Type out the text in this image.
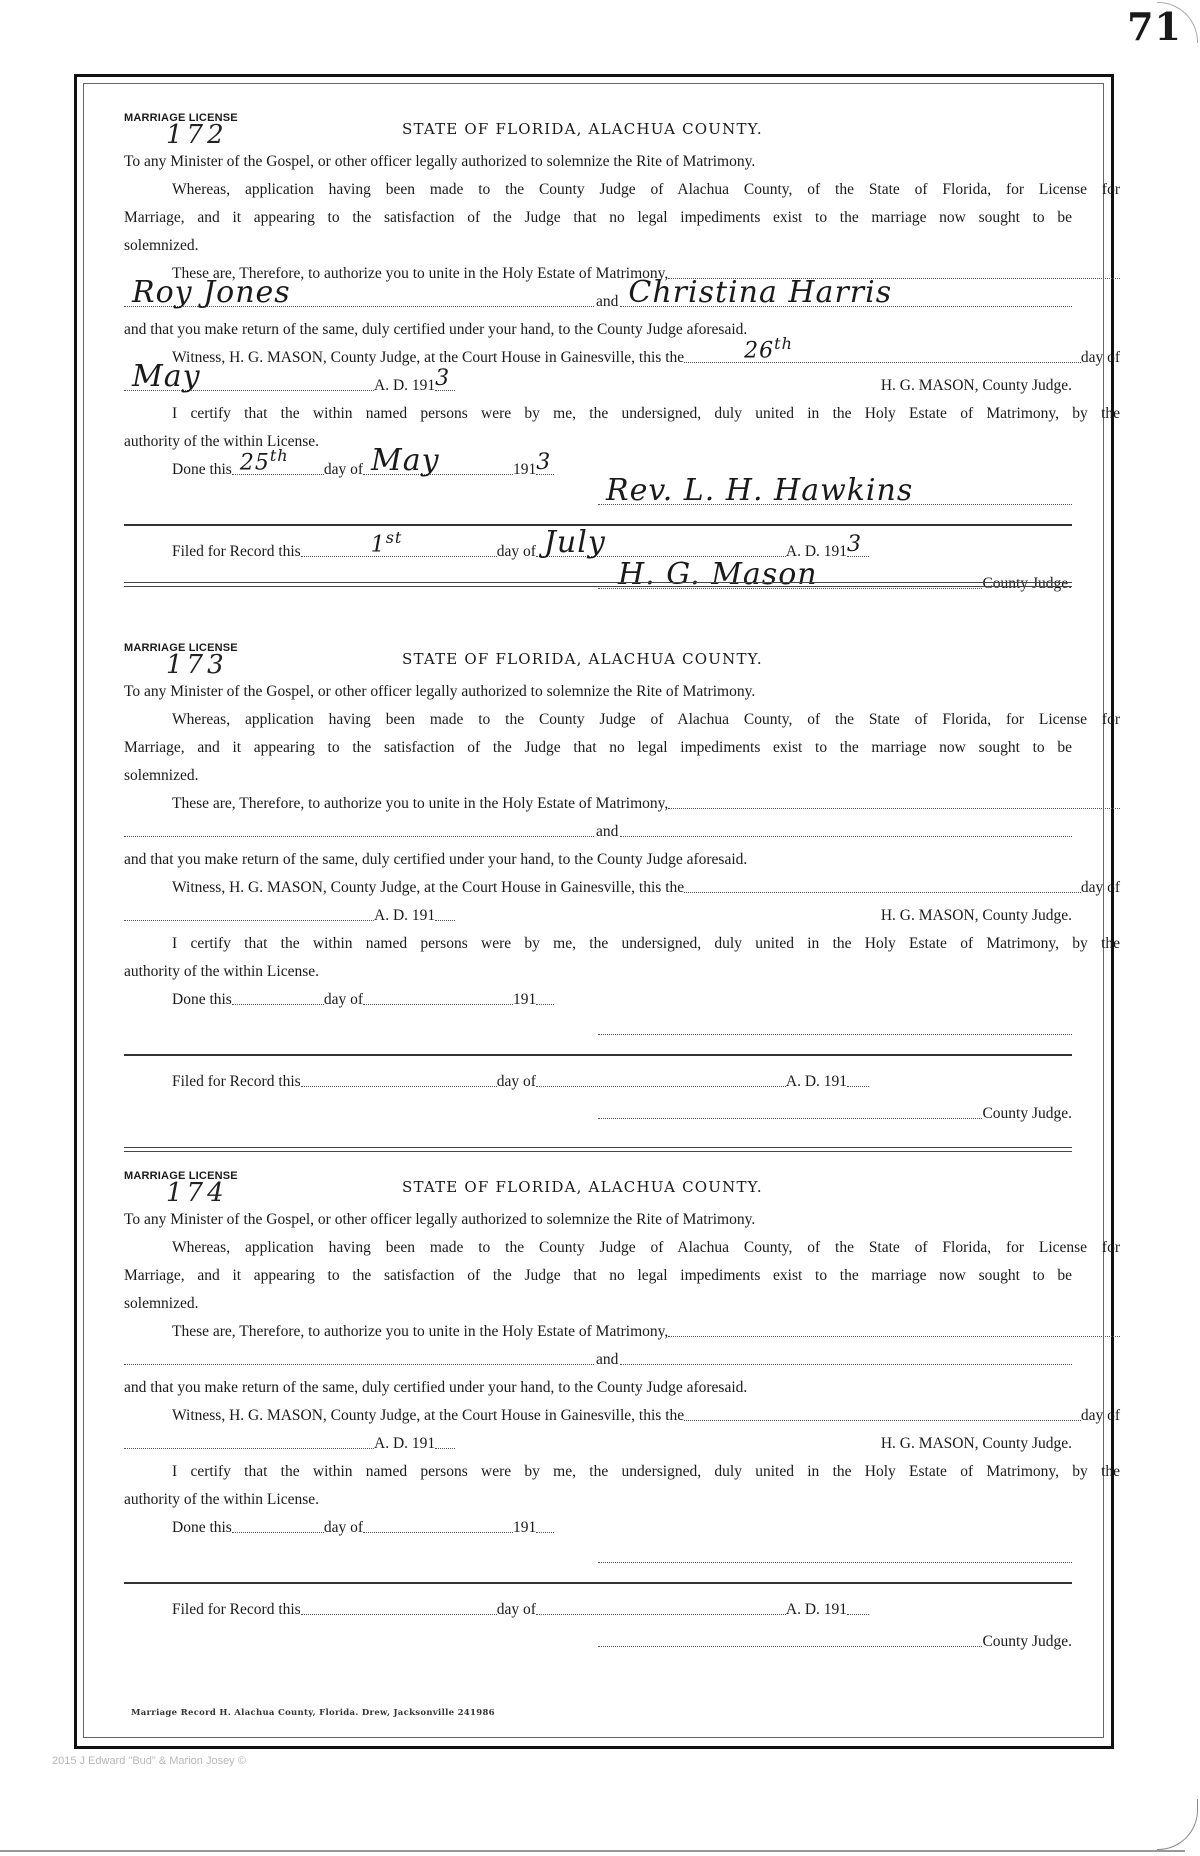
71
MARRIAGE LICENSE
172	STATE OF FLORIDA, ALACHUA COUNTY.
To any Minister of the Gospel, or other officer legally authorized to solemnize the Rite of Matrimony.
Whereas, application having been made to the County Judge of Alachua County, of the State of Florida, for License for
Marriage, and it appearing to the satisfaction of the Judge that no legal impediments exist to the marriage now sought to be
solemnized.
These are, Therefore, to authorize you to unite in the Holy Estate of Matrimony,
Roy Jones	and Christina Harris
and that you make return of the same, duly certified under your hand, to the County Judge aforesaid.
Witness, H. G. MASON, County Judge, at the Court House in Gainesville, this the	26th
day of
May	A. D. 191 3	H. G. MASON, County Judge.
I certify that the within named persons were by me, the undersigned, duly united in the Holy Estate of Matrimony, by the
authority of the within License.
Done this 25th
day of May	191 3
Rev. L. H. Hawkins
Filed for Record this	1st
day of July	A. D. 191 3
H. G. Mason	County Judge.
MARRIAGE LICENSE
173	STATE OF FLORIDA, ALACHUA COUNTY.
To any Minister of the Gospel, or other officer legally authorized to solemnize the Rite of Matrimony.
Whereas, application having been made to the County Judge of Alachua County, of the State of Florida, for License for
Marriage, and it appearing to the satisfaction of the Judge that no legal impediments exist to the marriage now sought to be
solemnized.
These are, Therefore, to authorize you to unite in the Holy Estate of Matrimony,
and
and that you make return of the same, duly certified under your hand, to the County Judge aforesaid.
Witness, H. G. MASON, County Judge, at the Court House in Gainesville, this the	day of
A. D. 191	H. G. MASON, County Judge.
I certify that the within named persons were by me, the undersigned, duly united in the Holy Estate of Matrimony, by the
authority of the within License.
Done this	day of	191
Filed for Record this	day of	A. D. 191
County Judge.
MARRIAGE LICENSE
174	STATE OF FLORIDA, ALACHUA COUNTY.
To any Minister of the Gospel, or other officer legally authorized to solemnize the Rite of Matrimony.
Whereas, application having been made to the County Judge of Alachua County, of the State of Florida, for License for
Marriage, and it appearing to the satisfaction of the Judge that no legal impediments exist to the marriage now sought to be
solemnized.
These are, Therefore, to authorize you to unite in the Holy Estate of Matrimony,
and
and that you make return of the same, duly certified under your hand, to the County Judge aforesaid.
Witness, H. G. MASON, County Judge, at the Court House in Gainesville, this the	day of
A. D. 191	H. G. MASON, County Judge.
I certify that the within named persons were by me, the undersigned, duly united in the Holy Estate of Matrimony, by the
authority of the within License.
Done this	day of	191
Filed for Record this	day of	A. D. 191
County Judge.
Marriage Record H. Alachua County, Florida. Drew, Jacksonville 241986
2015 J Edward "Bud" & Marion Josey ©
